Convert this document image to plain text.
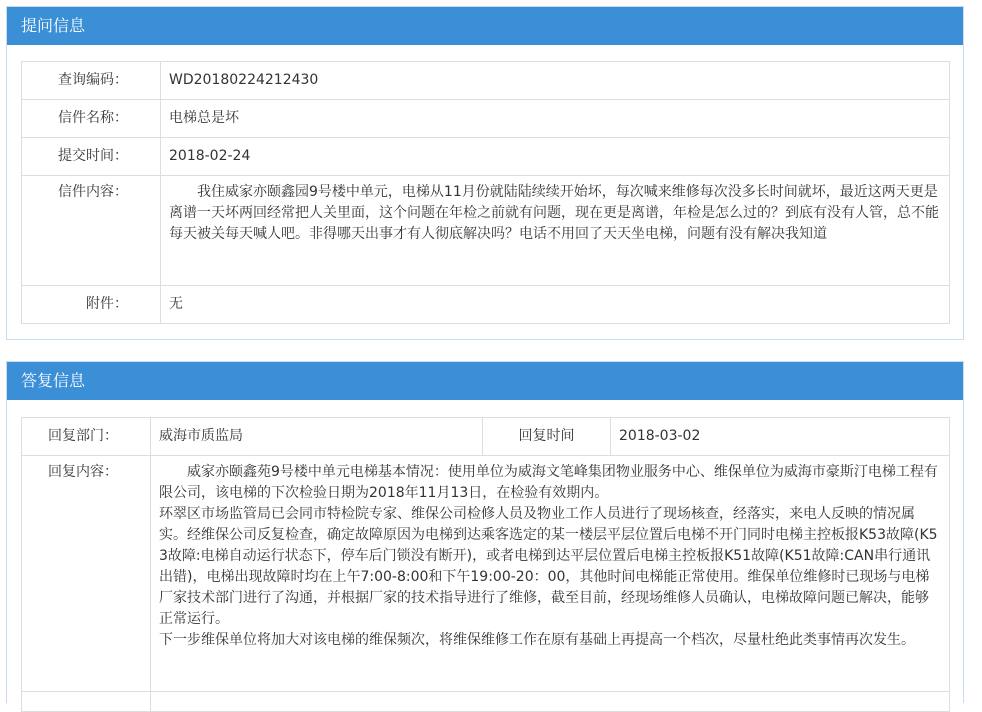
提问信息
查询编码：	WD20180224212430
信件名称：	电梯总是坏
提交时间：	2018-02-24
信件内容：	我住威家亦颐鑫园9号楼中单元，电梯从11月份就陆陆续续开始坏，每次喊来维修每次没多长时间就坏，最近这两天更是离谱一天坏两回经常把人关里面，这个问题在年检之前就有问题，现在更是离谱，年检是怎么过的？到底有没有人管，总不能每天被关每天喊人吧。非得哪天出事才有人彻底解决吗？电话不用回了天天坐电梯，问题有没有解决我知道

附件：	无
答复信息
回复部门：	威海市质监局	回复时间	2018-03-02
回复内容：	威家亦颐鑫苑9号楼中单元电梯基本情况：使用单位为威海文笔峰集团物业服务中心、维保单位为威海市豪斯汀电梯工程有限公司，该电梯的下次检验日期为2018年11月13日，在检验有效期内。

环翠区市场监管局已会同市特检院专家、维保公司检修人员及物业工作人员进行了现场核查，经落实，来电人反映的情况属实。经维保公司反复检查，确定故障原因为电梯到达乘客选定的某一楼层平层位置后电梯不开门同时电梯主控板报K53故障(K53故障:电梯自动运行状态下，停车后门锁没有断开)，或者电梯到达平层位置后电梯主控板报K51故障(K51故障:CAN串行通讯出错)，电梯出现故障时均在上午7:00-8:00和下午19:00-20：00，其他时间电梯能正常使用。维保单位维修时已现场与电梯厂家技术部门进行了沟通，并根据厂家的技术指导进行了维修，截至目前，经现场维修人员确认，电梯故障问题已解决，能够正常运行。

下一步维保单位将加大对该电梯的维保频次，将维保维修工作在原有基础上再提高一个档次，尽量杜绝此类事情再次发生。		
